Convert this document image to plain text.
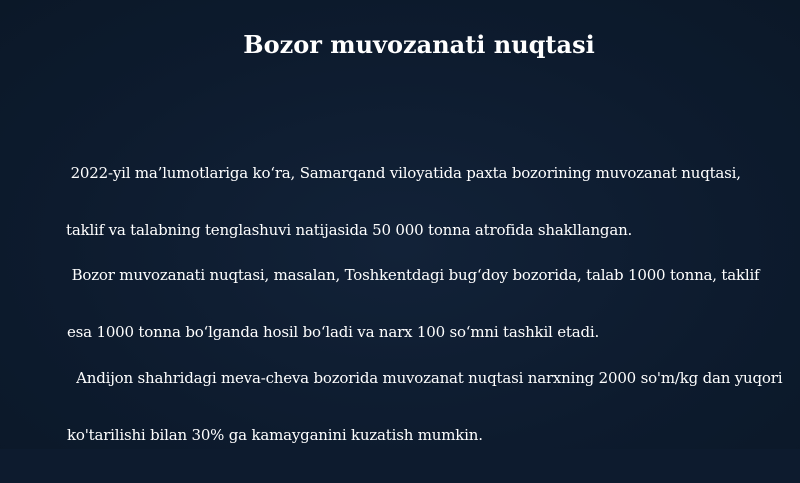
Bozor muvozanati nuqtasi

2022-yil ma’lumotlariga ko‘ra, Samarqand viloyatida paxta bozorining muvozanat nuqtasi,

taklif va talabning tenglashuvi natijasida 50 000 tonna atrofida shakllangan.

Bozor muvozanati nuqtasi, masalan, Toshkentdagi bug‘doy bozorida, talab 1000 tonna, taklif

esa 1000 tonna bo‘lganda hosil bo‘ladi va narx 100 so‘mni tashkil etadi.

Andijon shahridagi meva-cheva bozorida muvozanat nuqtasi narxning 2000 so'm/kg dan yuqori

ko'tarilishi bilan 30% ga kamayganini kuzatish mumkin.
